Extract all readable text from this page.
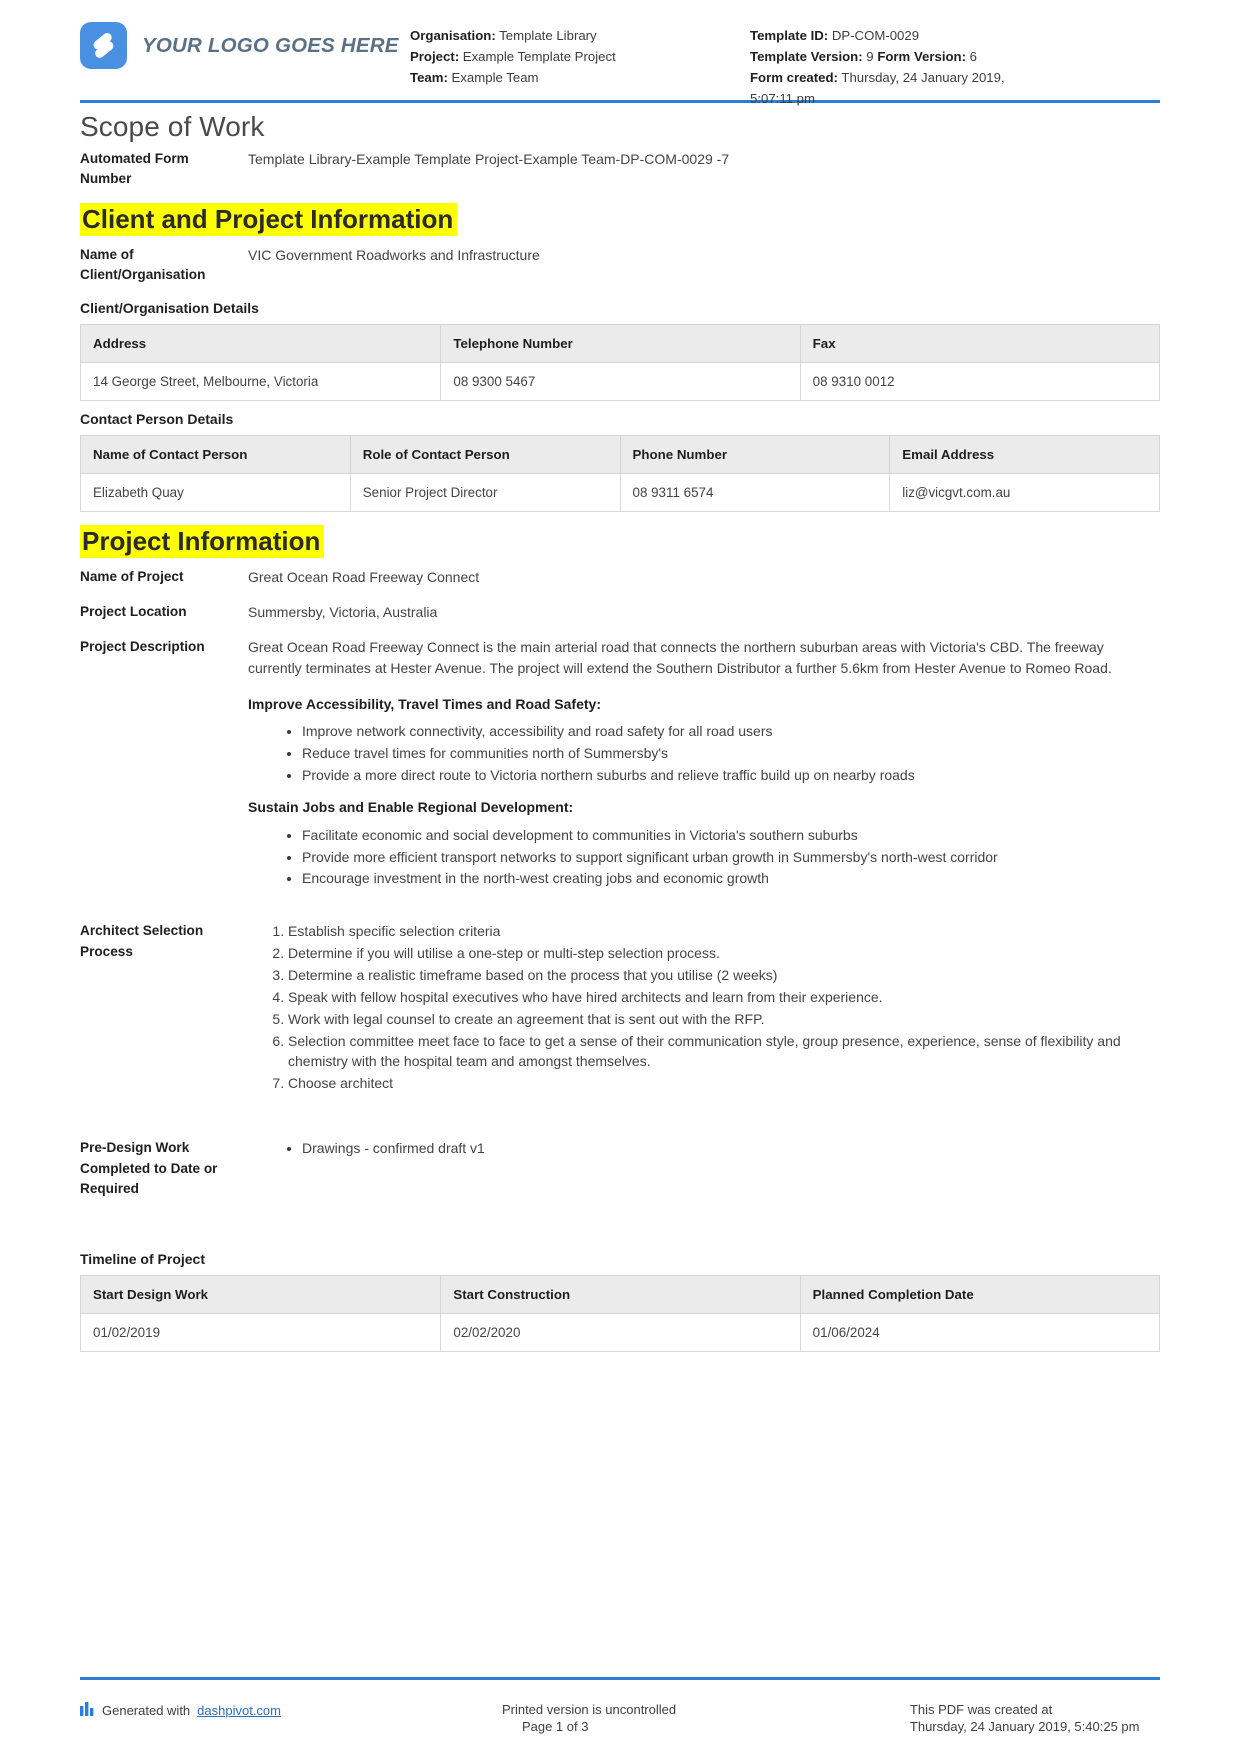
YOUR LOGO GOES HERE Organisation: Template Library
Project: Example Template Project
Team: Example Team
Template ID: DP-COM-0029
Template Version: 9 Form Version: 6
Form created: Thursday, 24 January 2019, 5:07:11 pm
Scope of Work
Automated Form Number
Template Library-Example Template Project-Example Team-DP-COM-0029 -7
Client and Project Information
Name of Client/Organisation
VIC Government Roadworks and Infrastructure
Client/Organisation Details
Address	Telephone Number	Fax
14 George Street, Melbourne, Victoria	08 9300 5467	08 9310 0012
Contact Person Details
Name of Contact Person	Role of Contact Person	Phone Number	Email Address
Elizabeth Quay	Senior Project Director	08 9311 6574	liz@vicgvt.com.au
Project Information
Name of Project	Great Ocean Road Freeway Connect
Project Location	Summersby, Victoria, Australia
Project Description	Great Ocean Road Freeway Connect is the main arterial road that connects the northern suburban areas with Victoria's CBD. The freeway currently terminates at Hester Avenue. The project will extend the Southern Distributor a further 5.6km from Hester Avenue to Romeo Road.

Improve Accessibility, Travel Times and Road Safety:
• Improve network connectivity, accessibility and road safety for all road users
• Reduce travel times for communities north of Summersby's
• Provide a more direct route to Victoria northern suburbs and relieve traffic build up on nearby roads
Sustain Jobs and Enable Regional Development:
• Facilitate economic and social development to communities in Victoria's southern suburbs
• Provide more efficient transport networks to support significant urban growth in Summersby's north-west corridor
• Encourage investment in the north-west creating jobs and economic growth
Architect Selection Process
1. Establish specific selection criteria
2. Determine if you will utilise a one-step or multi-step selection process.
3. Determine a realistic timeframe based on the process that you utilise (2 weeks)
4. Speak with fellow hospital executives who have hired architects and learn from their experience.
5. Work with legal counsel to create an agreement that is sent out with the RFP.
6. Selection committee meet face to face to get a sense of their communication style, group presence, experience, sense of flexibility and chemistry with the hospital team and amongst themselves.
7. Choose architect
Pre-Design Work Completed to Date or Required
• Drawings - confirmed draft v1
Timeline of Project
Start Design Work	Start Construction	Planned Completion Date
01/02/2019	02/02/2020	01/06/2024
Generated with dashpivot.com	Printed version is uncontrolled
Page 1 of 3
This PDF was created at
Thursday, 24 January 2019, 5:40:25 pm
